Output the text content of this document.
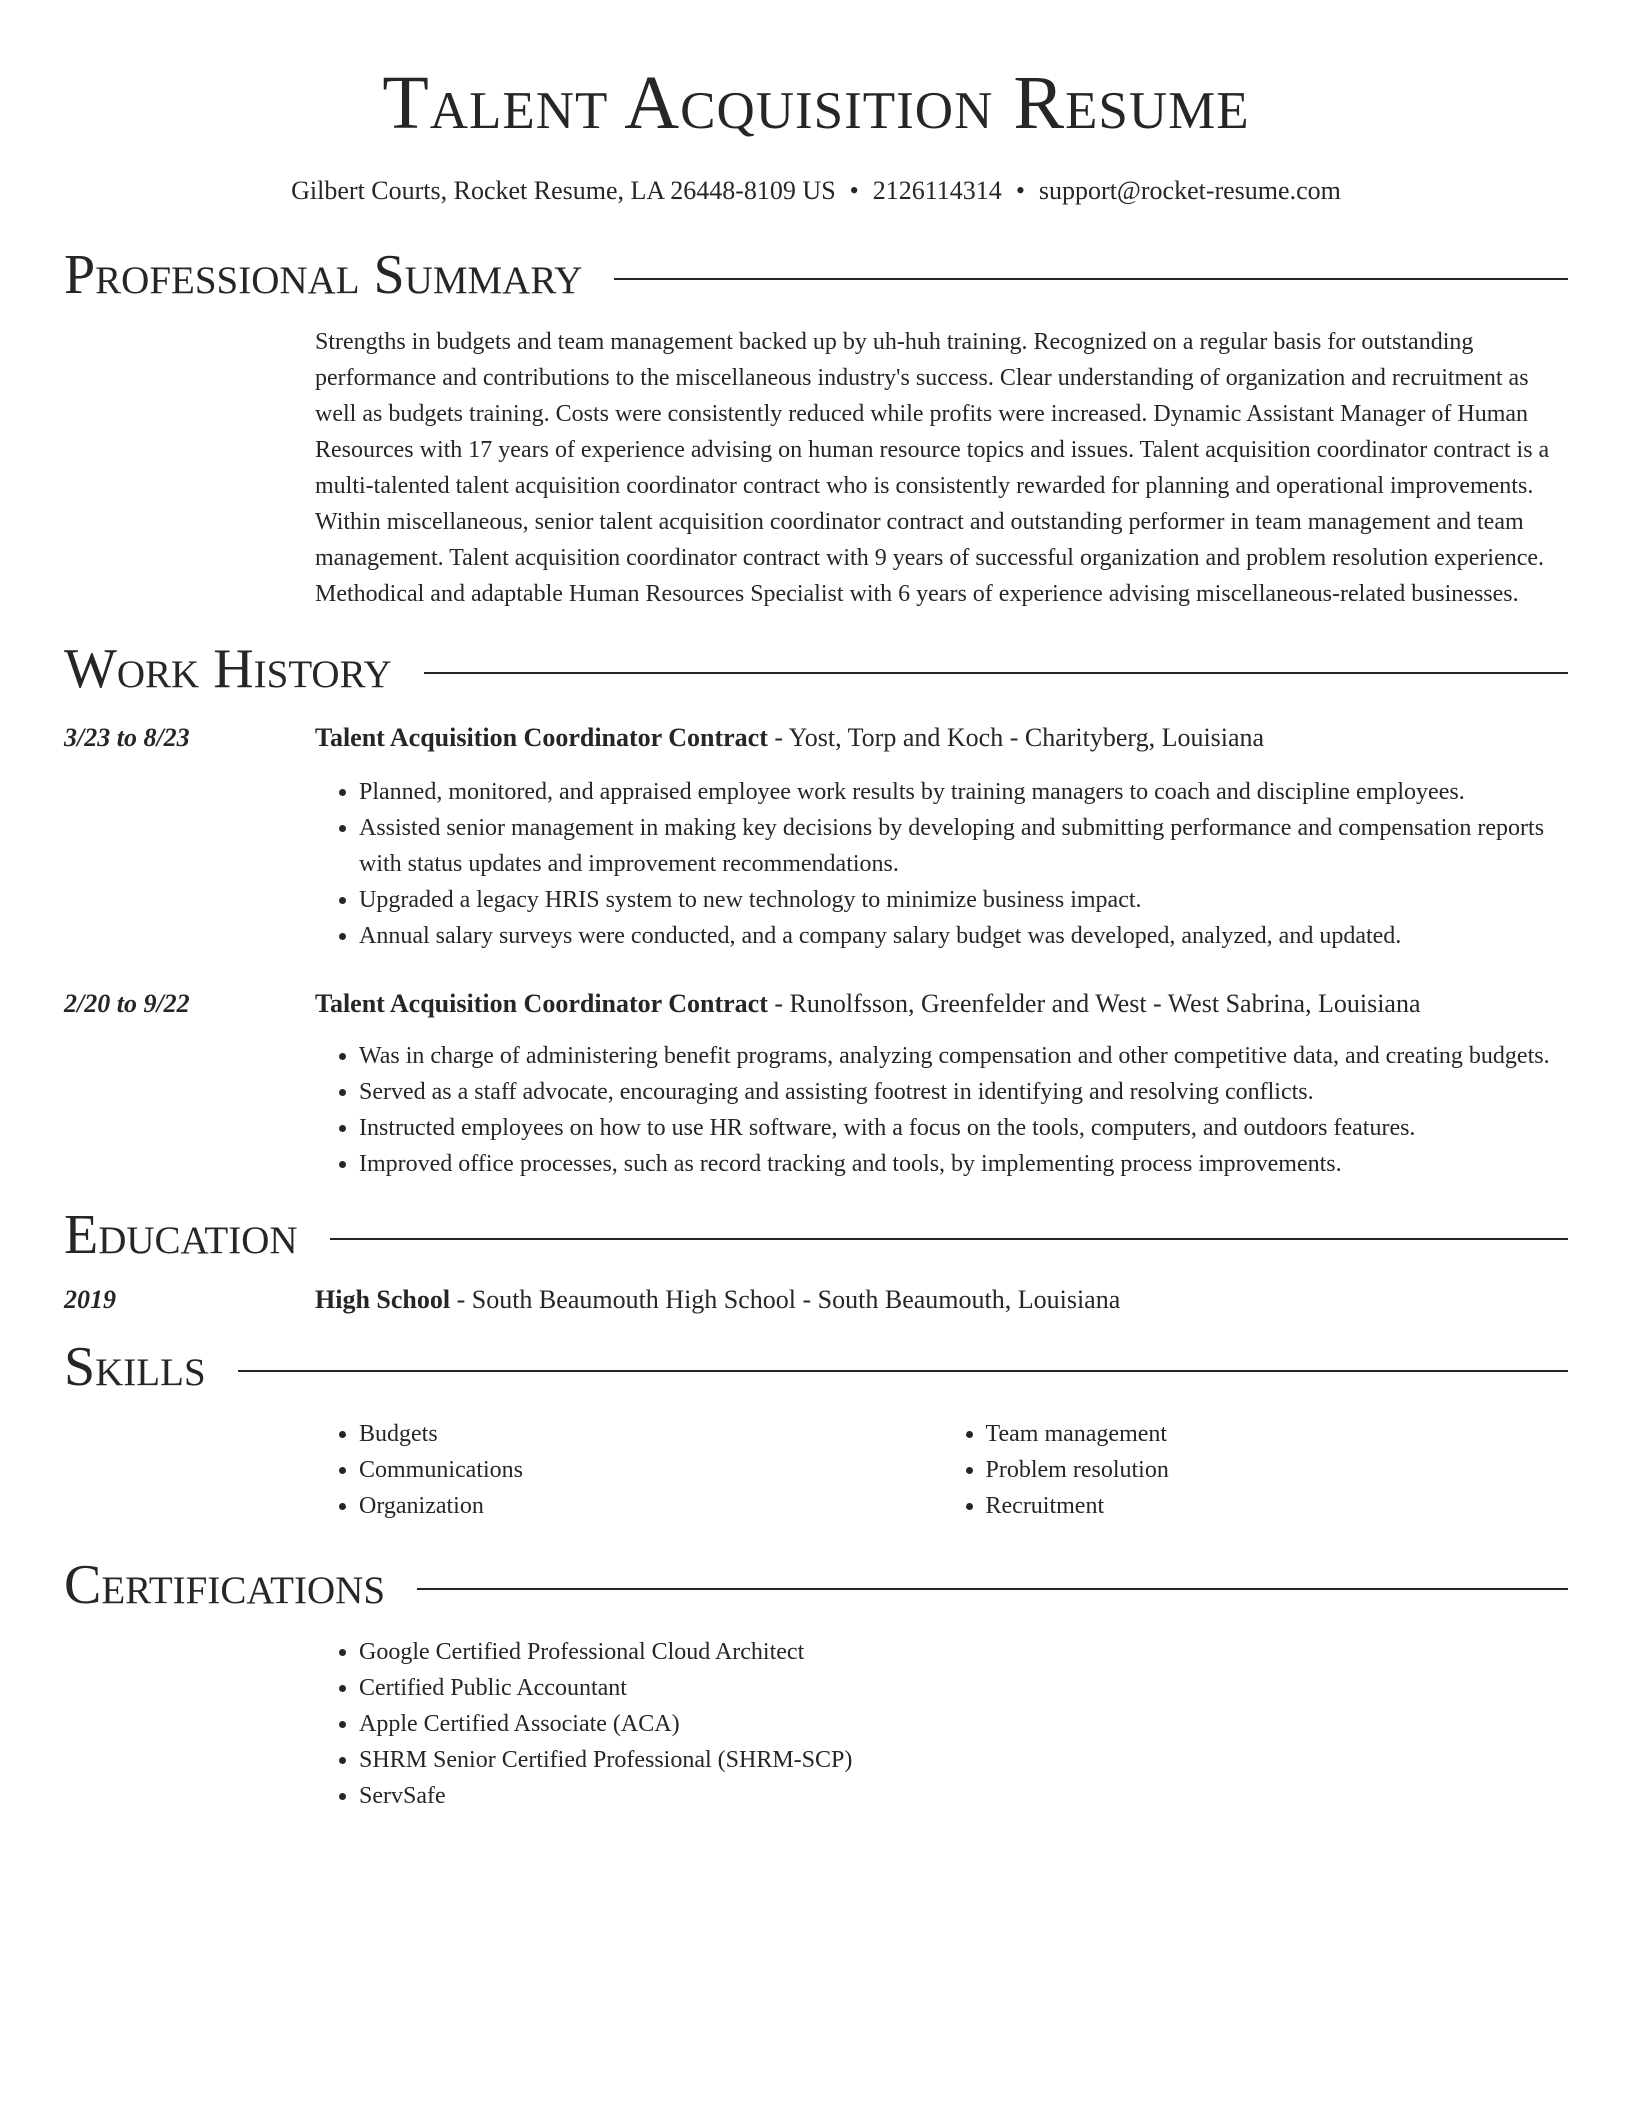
Talent Acquisition Resume
Gilbert Courts, Rocket Resume, LA 26448-8109 US • 2126114314 • support@rocket-resume.com
Professional Summary

Strengths in budgets and team management backed up by uh-huh training. Recognized on a regular basis for outstanding performance and contributions to the miscellaneous industry's success. Clear understanding of organization and recruitment as well as budgets training. Costs were consistently reduced while profits were increased. Dynamic Assistant Manager of Human Resources with 17 years of experience advising on human resource topics and issues. Talent acquisition coordinator contract is a multi-talented talent acquisition coordinator contract who is consistently rewarded for planning and operational improvements. Within miscellaneous, senior talent acquisition coordinator contract and outstanding performer in team management and team management. Talent acquisition coordinator contract with 9 years of successful organization and problem resolution experience. Methodical and adaptable Human Resources Specialist with 6 years of experience advising miscellaneous-related businesses.

Work History
3/23 to 8/23	Talent Acquisition Coordinator Contract - Yost, Torp and Koch - Charityberg, Louisiana
• Planned, monitored, and appraised employee work results by training managers to coach and discipline employees.
• Assisted senior management in making key decisions by developing and submitting performance and compensation reports with status updates and improvement recommendations.
• Upgraded a legacy HRIS system to new technology to minimize business impact.
• Annual salary surveys were conducted, and a company salary budget was developed, analyzed, and updated.
2/20 to 9/22	Talent Acquisition Coordinator Contract - Runolfsson, Greenfelder and West - West Sabrina, Louisiana
• Was in charge of administering benefit programs, analyzing compensation and other competitive data, and creating budgets.
• Served as a staff advocate, encouraging and assisting footrest in identifying and resolving conflicts.
• Instructed employees on how to use HR software, with a focus on the tools, computers, and outdoors features.
• Improved office processes, such as record tracking and tools, by implementing process improvements.
Education
2019	High School - South Beaumouth High School - South Beaumouth, Louisiana
Skills
• Budgets
• Communications
• Organization
• Team management
• Problem resolution
• Recruitment
Certifications
• Google Certified Professional Cloud Architect
• Certified Public Accountant
• Apple Certified Associate (ACA)
• SHRM Senior Certified Professional (SHRM-SCP)
• ServSafe
